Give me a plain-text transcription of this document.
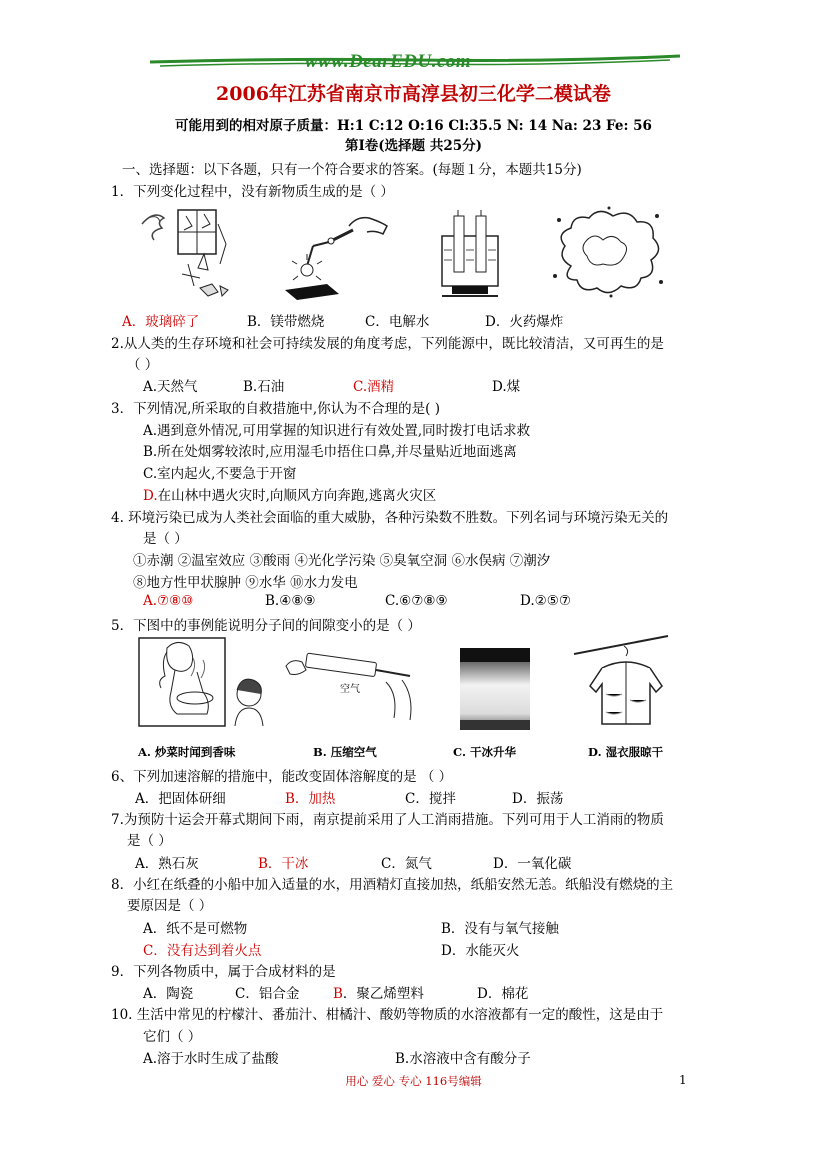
www.DearEDU.com
2006年江苏省南京市高淳县初三化学二模试卷
可能用到的相对原子质量：H:1 C:12 O:16 Cl:35.5 N: 14 Na: 23 Fe: 56
第Ⅰ卷(选择题 共25分)
一、选择题：以下各题，只有一个符合要求的答案。(每题１分，本题共15分)
1．下列变化过程中，没有新物质生成的是（ ）
A．玻璃碎了	B．镁带燃烧	C．电解水	D．火药爆炸
2.从人类的生存环境和社会可持续发展的角度考虑，下列能源中，既比较清洁，又可再生的是
（ ）
A.天然气	B.石油	C.酒精	D.煤
3．下列情况,所采取的自救措施中,你认为不合理的是( )
A.遇到意外情况,可用掌握的知识进行有效处置,同时拨打电话求救
B.所在处烟雾较浓时,应用湿毛巾捂住口鼻,并尽量贴近地面逃离
C.室内起火,不要急于开窗
D.在山林中遇火灾时,向顺风方向奔跑,逃离火灾区
4. 环境污染已成为人类社会面临的重大威胁，各种污染数不胜数。下列名词与环境污染无关的
是（ ）
①赤潮 ②温室效应 ③酸雨 ④光化学污染 ⑤臭氧空洞 ⑥水俣病 ⑦潮汐
⑧地方性甲状腺肿 ⑨水华 ⑩水力发电
A.⑦⑧⑩	B.④⑧⑨	C.⑥⑦⑧⑨	D.②⑤⑦
5．下图中的事例能说明分子间的间隙变小的是（ ）
空气
A. 炒菜时闻到香味	B. 压缩空气	C. 干冰升华	D. 湿衣服晾干
6、下列加速溶解的措施中，能改变固体溶解度的是 （ ）
A．把固体研细	B．加热	C．搅拌	D．振荡
7.为预防十运会开幕式期间下雨，南京提前采用了人工消雨措施。下列可用于人工消雨的物质
是（ ）
A．熟石灰	B．干冰	C．氮气	D．一氧化碳
8．小红在纸叠的小船中加入适量的水，用酒精灯直接加热，纸船安然无恙。纸船没有燃烧的主
要原因是（ ）
A．纸不是可燃物	B．没有与氧气接触
C．没有达到着火点	D．水能灭火
9．下列各物质中，属于合成材料的是
A．陶瓷	C．铝合金 B．聚乙烯塑料	D．棉花
10. 生活中常见的柠檬汁、番茄汁、柑橘汁、酸奶等物质的水溶液都有一定的酸性，这是由于
它们（ ）
A.溶于水时生成了盐酸	B.水溶液中含有酸分子
用心 爱心 专心 116号编辑	1
